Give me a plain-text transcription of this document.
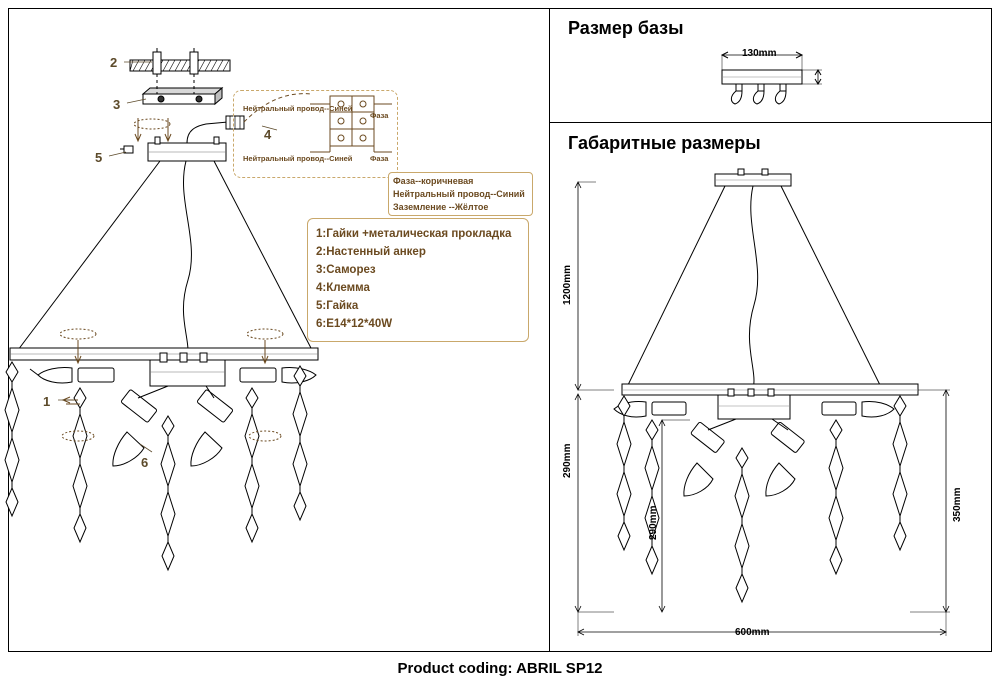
2
3
4
5
1
6
Нейтральный провод--Синей
Фаза
Нейтральный провод--Синей Фаза
Фаза--коричневая
Нейтральный провод--Синий
Заземление --Жёлтое
1:Гайки +металическая прокладка
2:Настенный анкер
3:Саморез
4:Клемма
5:Гайка
6:E14*12*40W
Размер базы
130mm
Габаритные размеры
1200mm
290mm
290mm
350mm
600mm
Product coding: ABRIL SP12
